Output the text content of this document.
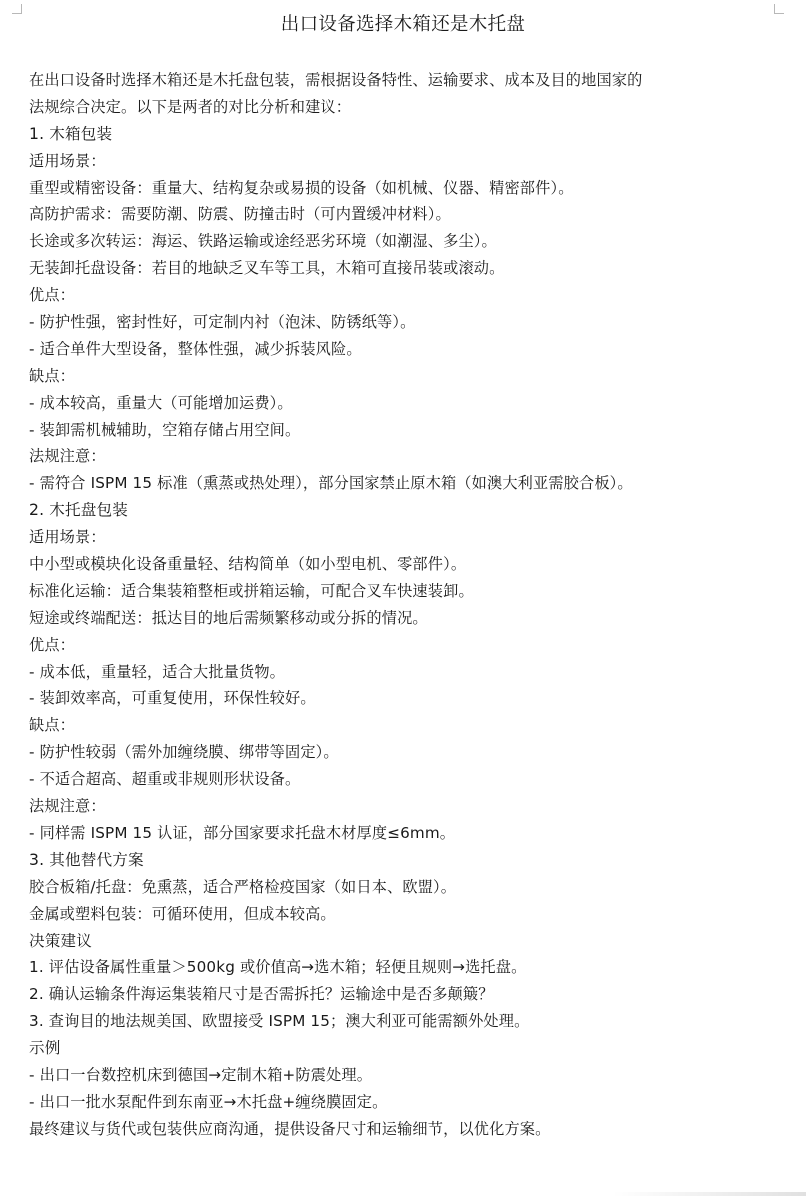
出口设备选择木箱还是木托盘
在出口设备时选择木箱还是木托盘包装，需根据设备特性、运输要求、成本及目的地国家的
法规综合决定。以下是两者的对比分析和建议：
1. 木箱包装
适用场景：
重型或精密设备：重量大、结构复杂或易损的设备（如机械、仪器、精密部件）。
高防护需求：需要防潮、防震、防撞击时（可内置缓冲材料）。
长途或多次转运：海运、铁路运输或途经恶劣环境（如潮湿、多尘）。
无装卸托盘设备：若目的地缺乏叉车等工具，木箱可直接吊装或滚动。
优点：
- 防护性强，密封性好，可定制内衬（泡沫、防锈纸等）。
- 适合单件大型设备，整体性强，减少拆装风险。
缺点：
- 成本较高，重量大（可能增加运费）。
- 装卸需机械辅助，空箱存储占用空间。
法规注意：
- 需符合 ISPM 15 标准（熏蒸或热处理），部分国家禁止原木箱（如澳大利亚需胶合板）。
2. 木托盘包装
适用场景：
中小型或模块化设备重量轻、结构简单（如小型电机、零部件）。
标准化运输：适合集装箱整柜或拼箱运输，可配合叉车快速装卸。
短途或终端配送：抵达目的地后需频繁移动或分拆的情况。
优点：
- 成本低，重量轻，适合大批量货物。
- 装卸效率高，可重复使用，环保性较好。
缺点：
- 防护性较弱（需外加缠绕膜、绑带等固定）。
- 不适合超高、超重或非规则形状设备。
法规注意：
- 同样需 ISPM 15 认证，部分国家要求托盘木材厚度≤6mm。
3. 其他替代方案
胶合板箱/托盘：免熏蒸，适合严格检疫国家（如日本、欧盟）。
金属或塑料包装：可循环使用，但成本较高。
决策建议
1. 评估设备属性重量＞500kg 或价值高→选木箱；轻便且规则→选托盘。
2. 确认运输条件海运集装箱尺寸是否需拆托？运输途中是否多颠簸？
3. 查询目的地法规美国、欧盟接受 ISPM 15；澳大利亚可能需额外处理。
示例
- 出口一台数控机床到德国→定制木箱+防震处理。
- 出口一批水泵配件到东南亚→木托盘+缠绕膜固定。
最终建议与货代或包装供应商沟通，提供设备尺寸和运输细节，以优化方案。
